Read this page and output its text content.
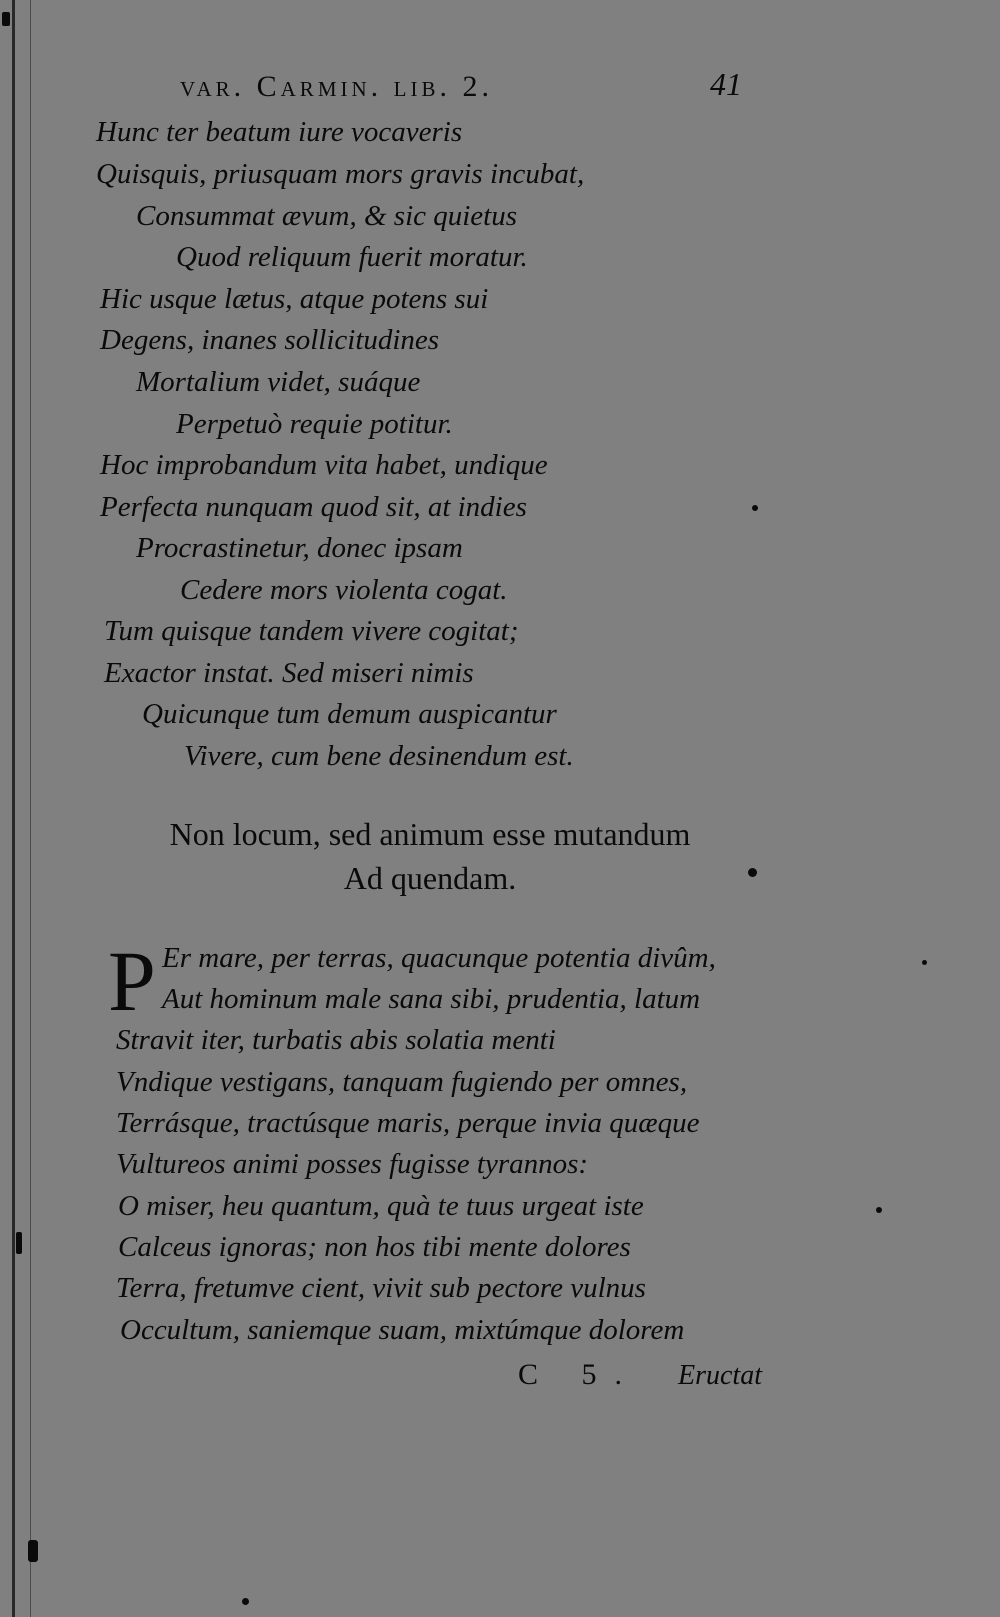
var. Carmin. lib. 2.	41
Hunc ter beatum iure vocaveris
Quisquis, priusquam mors gravis incubat,
Consummat ævum, & sic quietus
Quod reliquum fuerit moratur.
Hic usque lætus, atque potens sui
Degens, inanes sollicitudines
Mortalium videt, suáque
Perpetuò requie potitur.
Hoc improbandum vita habet, undique
Perfecta nunquam quod sit, at indies
Procrastinetur, donec ipsam
Cedere mors violenta cogat.
Tum quisque tandem vivere cogitat;
Exactor instat. Sed miseri nimis
Quicunque tum demum auspicantur
Vivere, cum bene desinendum est.
Non locum, sed animum esse mutandum
Ad quendam.
P Er mare, per terras, quacunque potentia divûm,
Aut hominum male sana sibi, prudentia, latum
Stravit iter, turbatis abis solatia menti
Vndique vestigans, tanquam fugiendo per omnes,
Terrásque, tractúsque maris, perque invia quæque
Vultureos animi posses fugisse tyrannos:
O miser, heu quantum, quà te tuus urgeat iste
Calceus ignoras; non hos tibi mente dolores
Terra, fretumve cient, vivit sub pectore vulnus
Occultum, saniemque suam, mixtúmque dolorem
C 5. Eructat
